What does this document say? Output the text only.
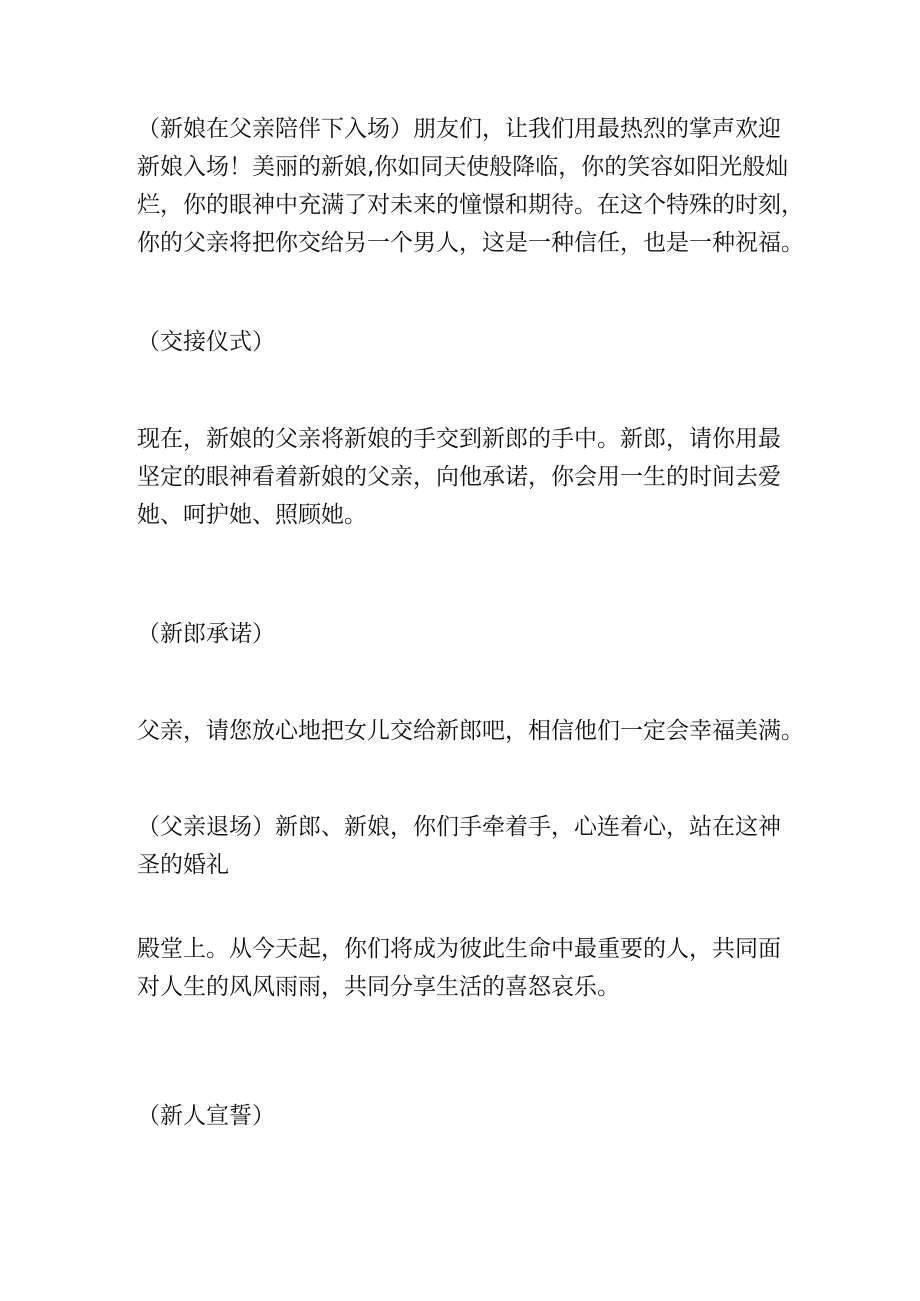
（新娘在父亲陪伴下入场）朋友们，让我们用最热烈的掌声欢迎
新娘入场！美丽的新娘,你如同天使般降临，你的笑容如阳光般灿
烂，你的眼神中充满了对未来的憧憬和期待。在这个特殊的时刻，
你的父亲将把你交给另一个男人，这是一种信任，也是一种祝福。

（交接仪式）

现在，新娘的父亲将新娘的手交到新郎的手中。新郎，请你用最
坚定的眼神看着新娘的父亲，向他承诺，你会用一生的时间去爱
她、呵护她、照顾她。

（新郎承诺）

父亲，请您放心地把女儿交给新郎吧，相信他们一定会幸福美满。

（父亲退场）新郎、新娘，你们手牵着手，心连着心，站在这神
圣的婚礼

殿堂上。从今天起，你们将成为彼此生命中最重要的人，共同面
对人生的风风雨雨，共同分享生活的喜怒哀乐。

（新人宣誓）
